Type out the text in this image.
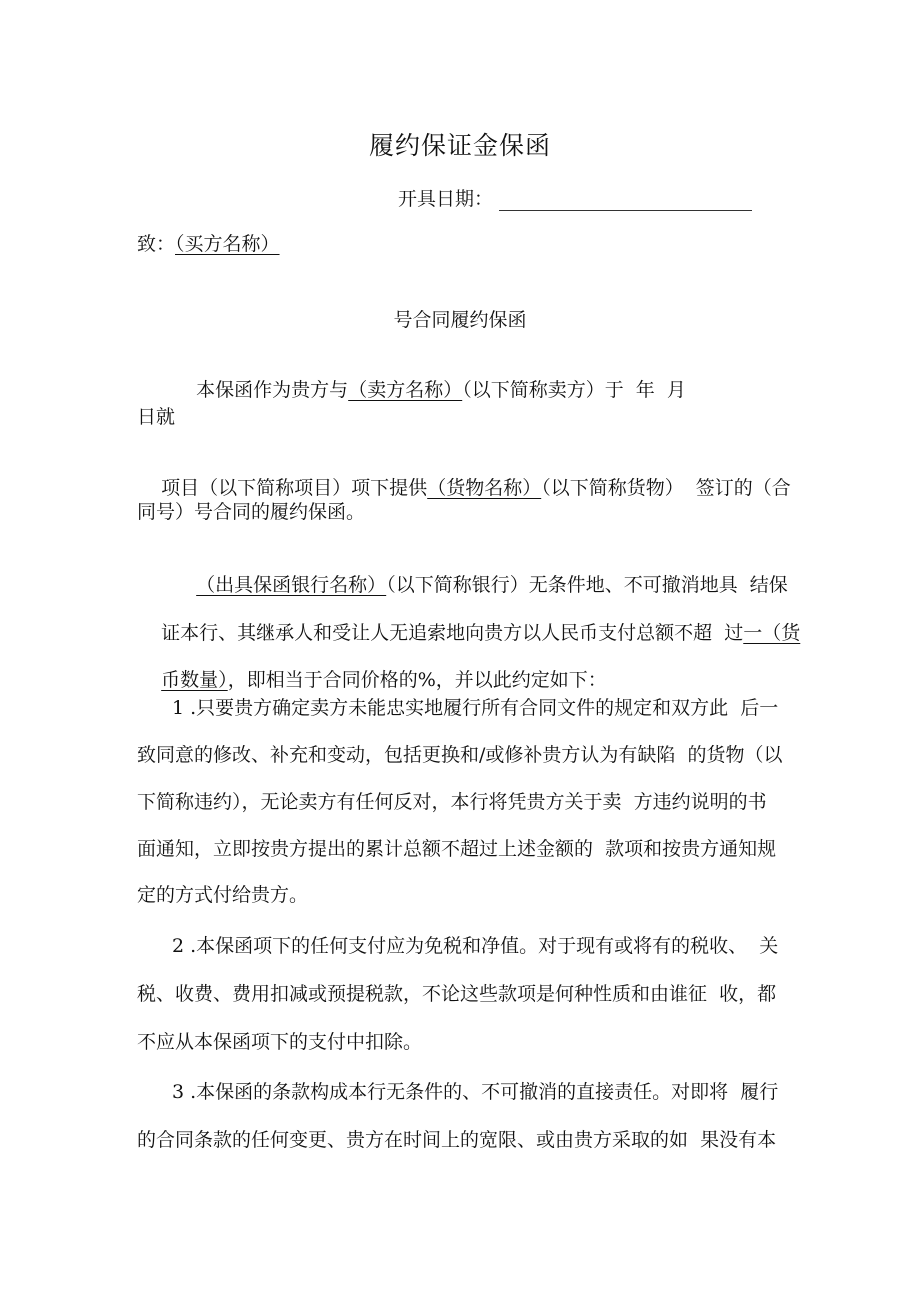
履约保证金保函
开具日期：
致：（买方名称）
号合同履约保函

本保函作为贵方与（卖方名称）（以下简称卖方）于  年  月

日就

项目（以下简称项目）项下提供（货物名称）（以下简称货物）  签订的（合

同号）号合同的履约保函。

（出具保函银行名称）（以下简称银行）无条件地、不可撤消地具  结保

证本行、其继承人和受让人无追索地向贵方以人民币支付总额不超  过一（货

币数量），即相当于合同价格的%，并以此约定如下：

1 .只要贵方确定卖方未能忠实地履行所有合同文件的规定和双方此  后一
致同意的修改、补充和变动，包括更换和/或修补贵方认为有缺陷  的货物（以
下简称违约），无论卖方有任何反对，本行将凭贵方关于卖  方违约说明的书
面通知，立即按贵方提出的累计总额不超过上述金额的  款项和按贵方通知规
定的方式付给贵方。
2 .本保函项下的任何支付应为免税和净值。对于现有或将有的税收、  关
税、收费、费用扣减或预提税款，不论这些款项是何种性质和由谁征  收，都
不应从本保函项下的支付中扣除。
3 .本保函的条款构成本行无条件的、不可撤消的直接责任。对即将  履行
的合同条款的任何变更、贵方在时间上的宽限、或由贵方采取的如  果没有本
